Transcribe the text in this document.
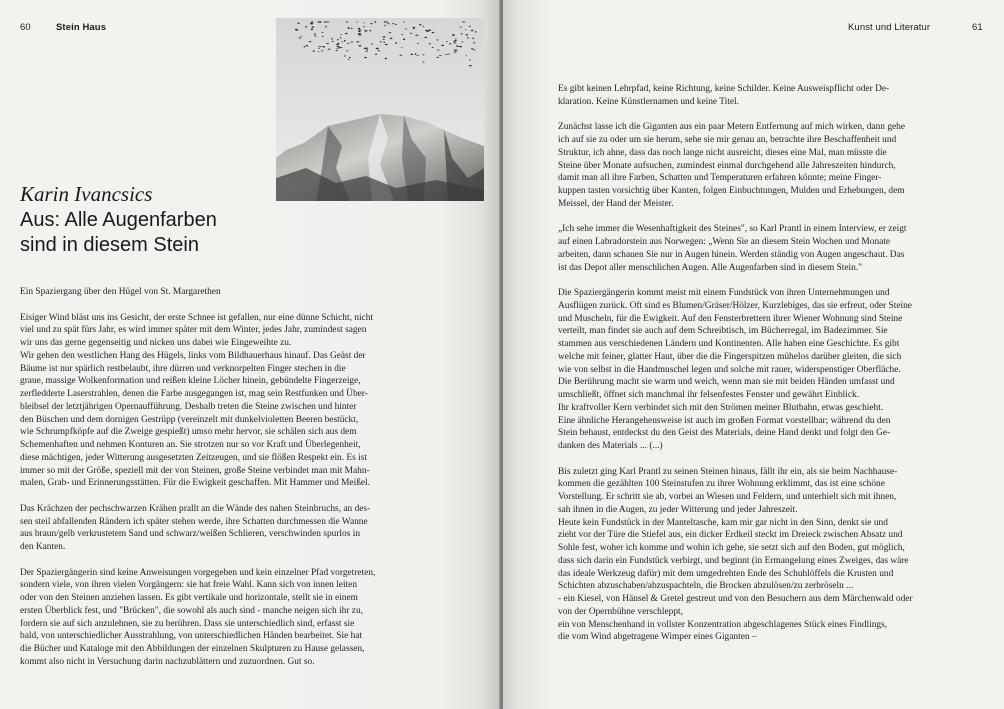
60	Stein Haus
Karin Ivancsics
Aus: Alle Augenfarben
sind in diesem Stein

Ein Spaziergang über den Hügel von St. Margarethen

Eisiger Wind bläst uns ins Gesicht, der erste Schnee ist gefallen, nur eine dünne Schicht, nicht
viel und zu spät fürs Jahr, es wird immer später mit dem Winter, jedes Jahr, zumindest sagen
wir uns das gerne gegenseitig und nicken uns dabei wie Eingeweihte zu.
Wir gehen den westlichen Hang des Hügels, links vom Bildhauerhaus hinauf. Das Geäst der
Bäume ist nur spärlich restbelaubt, ihre dürren und verknorpelten Finger stechen in die
graue, massige Wolkenformation und reißen kleine Löcher hinein, gebündelte Fingerzeige,
zerfledderte Laserstrahlen, denen die Farbe ausgegangen ist, mag sein Restfunken und Über-
bleibsel der letztjährigen Opernaufführung. Deshalb treten die Steine zwischen und hinter
den Büschen und dem dornigen Gestrüpp (vereinzelt mit dunkelvioletten Beeren bestückt,
wie Schrumpfköpfe auf die Zweige gespießt) umso mehr hervor, sie schälen sich aus dem
Schemenhaften und nehmen Konturen an. Sie strotzen nur so vor Kraft und Überlegenheit,
diese mächtigen, jeder Witterung ausgesetzten Zeitzeugen, und sie flößen Respekt ein. Es ist
immer so mit der Größe, speziell mit der von Steinen, große Steine verbindet man mit Mahn-
malen, Grab- und Erinnerungsstätten. Für die Ewigkeit geschaffen. Mit Hammer und Meißel.

Das Krächzen der pechschwarzen Krähen prallt an die Wände des nahen Steinbruchs, an des-
sen steil abfallenden Rändern ich später stehen werde, ihre Schatten durchmessen die Wanne
aus braun/gelb verkrustetem Sand und schwarz/weißen Schlieren, verschwinden spurlos in
den Kanten.

Der Spaziergängerin sind keine Anweisungen vorgegeben und kein einzelner Pfad vorgetreten,
sondern viele, von ihren vielen Vorgängern: sie hat freie Wahl. Kann sich von innen leiten
oder von den Steinen anziehen lassen. Es gibt vertikale und horizontale, stellt sie in einem
ersten Überblick fest, und "Brücken", die sowohl als auch sind - manche neigen sich ihr zu,
fordern sie auf sich anzulehnen, sie zu berühren. Dass sie unterschiedlich sind, erfasst sie
bald, von unterschiedlicher Ausstrahlung, von unterschiedlichen Händen bearbeitet. Sie hat
die Bücher und Kataloge mit den Abbildungen der einzelnen Skulpturen zu Hause gelassen,
kommt also nicht in Versuchung darin nachzublättern und zuzuordnen. Gut so.

Kunst und Literatur	61

Es gibt keinen Lehrpfad, keine Richtung, keine Schilder. Keine Ausweispflicht oder De-
klaration. Keine Künstlernamen und keine Titel.

Zunächst lasse ich die Giganten aus ein paar Metern Entfernung auf mich wirken, dann gehe
ich auf sie zu oder um sie herum, sehe sie mir genau an, betrachte ihre Beschaffenheit und
Struktur, ich ahne, dass das noch lange nicht ausreicht, dieses eine Mal, man müsste die
Steine über Monate aufsuchen, zumindest einmal durchgehend alle Jahreszeiten hindurch,
damit man all ihre Farben, Schatten und Temperaturen erfahren könnte; meine Finger-
kuppen tasten vorsichtig über Kanten, folgen Einbuchtungen, Mulden und Erhebungen, dem
Meissel, der Hand der Meister.

„Ich sehe immer die Wesenhaftigkeit des Steines", so Karl Prantl in einem Interview, er zeigt
auf einen Labradorstein aus Norwegen: „Wenn Sie an diesem Stein Wochen und Monate
arbeiten, dann schauen Sie nur in Augen hinein. Werden ständig von Augen angeschaut. Das
ist das Depot aller menschlichen Augen. Alle Augenfarben sind in diesem Stein."

Die Spaziergängerin kommt meist mit einem Fundstück von ihren Unternehmungen und
Ausflügen zurück. Oft sind es Blumen/Gräser/Hölzer, Kurzlebiges, das sie erfreut, oder Steine
und Muscheln, für die Ewigkeit. Auf den Fensterbrettern ihrer Wiener Wohnung sind Steine
verteilt, man findet sie auch auf dem Schreibtisch, im Bücherregal, im Badezimmer. Sie
stammen aus verschiedenen Ländern und Kontinenten. Alle haben eine Geschichte. Es gibt
welche mit feiner, glatter Haut, über die die Fingerspitzen mühelos darüber gleiten, die sich
wie von selbst in die Handmuschel legen und solche mit rauer, widerspenstiger Oberfläche.
Die Berührung macht sie warm und weich, wenn man sie mit beiden Händen umfasst und
umschließt, öffnet sich manchmal ihr felsenfestes Fenster und gewährt Einblick.
Ihr kraftvoller Kern verbindet sich mit den Strömen meiner Blutbahn, etwas geschieht.
Eine ähnliche Herangehensweise ist auch im großen Format vorstellbar; während du den
Stein behaust, entdeckst du den Geist des Materials, deine Hand denkt und folgt den Ge-
danken des Materials ... (...)

Bis zuletzt ging Karl Prantl zu seinen Steinen hinaus, fällt ihr ein, als sie beim Nachhause-
kommen die gezählten 100 Steinstufen zu ihrer Wohnung erklimmt, das ist eine schöne
Vorstellung. Er schritt sie ab, vorbei an Wiesen und Feldern, und unterhielt sich mit ihnen,
sah ihnen in die Augen, zu jeder Witterung und jeder Jahreszeit.
Heute kein Fundstück in der Manteltasche, kam mir gar nicht in den Sinn, denkt sie und
zieht vor der Türe die Stiefel aus, ein dicker Erdkeil steckt im Dreieck zwischen Absatz und
Sohle fest, woher ich komme und wohin ich gehe, sie setzt sich auf den Boden, gut möglich,
dass sich darin ein Fundstück verbirgt, und beginnt (in Ermangelung eines Zweiges, das wäre
das ideale Werkzeug dafür) mit dem umgedrehten Ende des Schuhlöffels die Krusten und
Schichten abzuschaben/abzuspachteln, die Brocken abzulösen/zu zerbröseln ...
- ein Kiesel, von Hänsel & Gretel gestreut und von den Besuchern aus dem Märchenwald oder
von der Opernbühne verschleppt,
ein von Menschenhand in vollster Konzentration abgeschlagenes Stück eines Findlings,
die vom Wind abgetragene Wimper eines Giganten –
